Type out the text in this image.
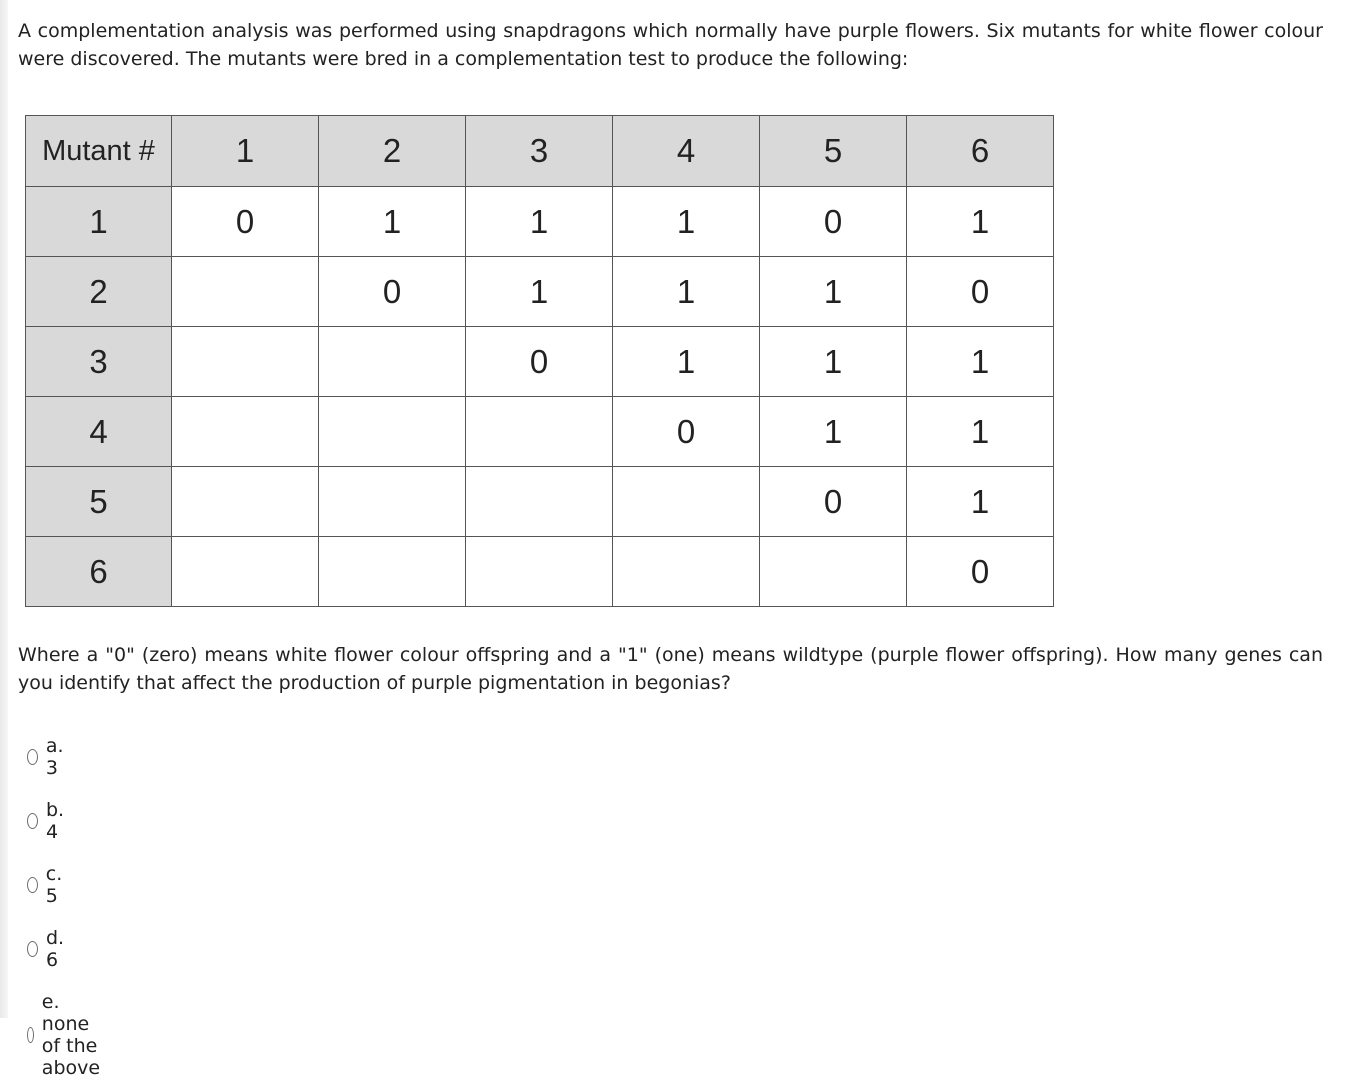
A complementation analysis was performed using snapdragons which normally have purple flowers. Six mutants for white flower colour were discovered. The mutants were bred in a complementation test to produce the following:

Mutant #	1	2	3	4	5	6
1	0	1	1	1	0	1
2		0	1	1	1	0
3			0	1	1	1
4				0	1	1
5					0	1
6						0

Where a "0" (zero) means white flower colour offspring and a "1" (one) means wildtype (purple flower offspring). How many genes can you identify that affect the production of purple pigmentation in begonias?

a. 3
b. 4
c. 5
d. 6
e. none of the above
